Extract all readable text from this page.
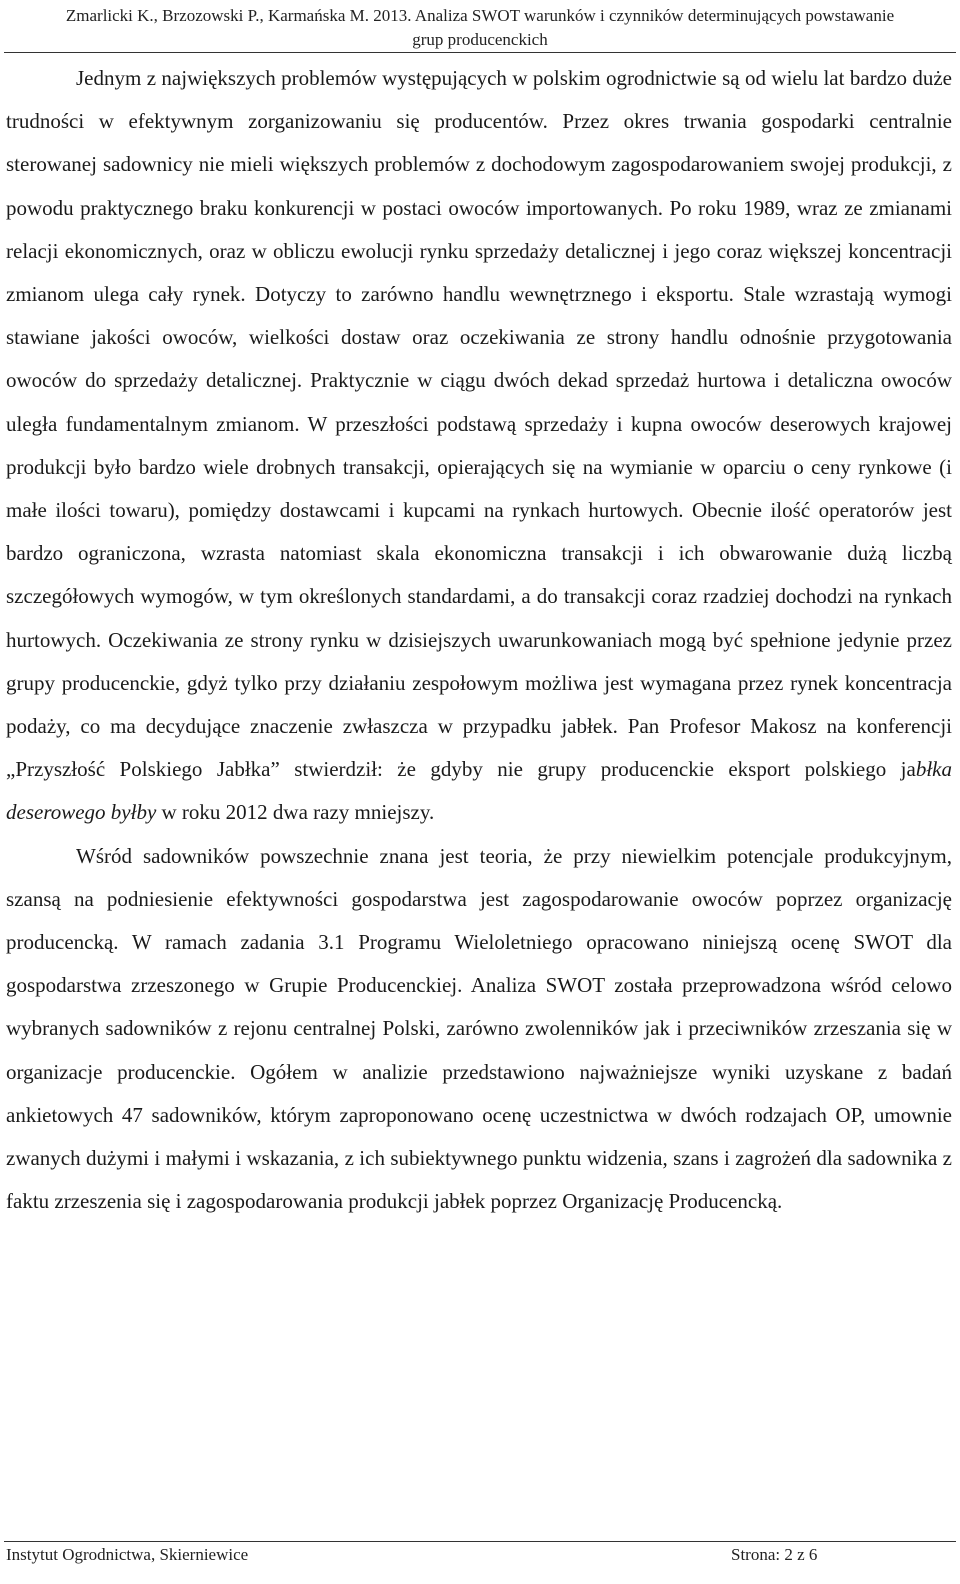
Zmarlicki K., Brzozowski P., Karmańska M. 2013. Analiza SWOT warunków i czynników determinujących powstawanie
grup producenckich

Jednym z największych problemów występujących w polskim ogrodnictwie są od wielu lat bardzo duże trudności w efektywnym zorganizowaniu się producentów. Przez okres trwania gospodarki centralnie sterowanej sadownicy nie mieli większych problemów z dochodowym zagospodarowaniem swojej produkcji, z powodu praktycznego braku konkurencji w postaci owoców importowanych. Po roku 1989, wraz ze zmianami relacji ekonomicznych, oraz w obliczu ewolucji rynku sprzedaży detalicznej i jego coraz większej koncentracji zmianom ulega cały rynek. Dotyczy to zarówno handlu wewnętrznego i eksportu. Stale wzrastają wymogi stawiane jakości owoców, wielkości dostaw oraz oczekiwania ze strony handlu odnośnie przygotowania owoców do sprzedaży detalicznej. Praktycznie w ciągu dwóch dekad sprzedaż hurtowa i detaliczna owoców uległa fundamentalnym zmianom. W przeszłości podstawą sprzedaży i kupna owoców deserowych krajowej produkcji było bardzo wiele drobnych transakcji, opierających się na wymianie w oparciu o ceny rynkowe (i małe ilości towaru), pomiędzy dostawcami i kupcami na rynkach hurtowych. Obecnie ilość operatorów jest bardzo ograniczona, wzrasta natomiast skala ekonomiczna transakcji i ich obwarowanie dużą liczbą szczegółowych wymogów, w tym określonych standardami, a do transakcji coraz rzadziej dochodzi na rynkach hurtowych. Oczekiwania ze strony rynku w dzisiejszych uwarunkowaniach mogą być spełnione jedynie przez grupy producenckie, gdyż tylko przy działaniu zespołowym możliwa jest wymagana przez rynek koncentracja podaży, co ma decydujące znaczenie zwłaszcza w przypadku jabłek. Pan Profesor Makosz na konferencji „Przyszłość Polskiego Jabłka” stwierdził: że gdyby nie grupy producenckie eksport polskiego jabłka deserowego byłby w roku 2012 dwa razy mniejszy.

Wśród sadowników powszechnie znana jest teoria, że przy niewielkim potencjale produkcyjnym, szansą na podniesienie efektywności gospodarstwa jest zagospodarowanie owoców poprzez organizację producencką. W ramach zadania 3.1 Programu Wieloletniego opracowano niniejszą ocenę SWOT dla gospodarstwa zrzeszonego w Grupie Producenckiej. Analiza SWOT została przeprowadzona wśród celowo wybranych sadowników z rejonu centralnej Polski, zarówno zwolenników jak i przeciwników zrzeszania się w organizacje producenckie. Ogółem w analizie przedstawiono najważniejsze wyniki uzyskane z badań ankietowych 47 sadowników, którym zaproponowano ocenę uczestnictwa w dwóch rodzajach OP, umownie zwanych dużymi i małymi i wskazania, z ich subiektywnego punktu widzenia, szans i zagrożeń dla sadownika z faktu zrzeszenia się i zagospodarowania produkcji jabłek poprzez Organizację Producencką.

Instytut Ogrodnictwa, Skierniewice	Strona: 2 z 6
